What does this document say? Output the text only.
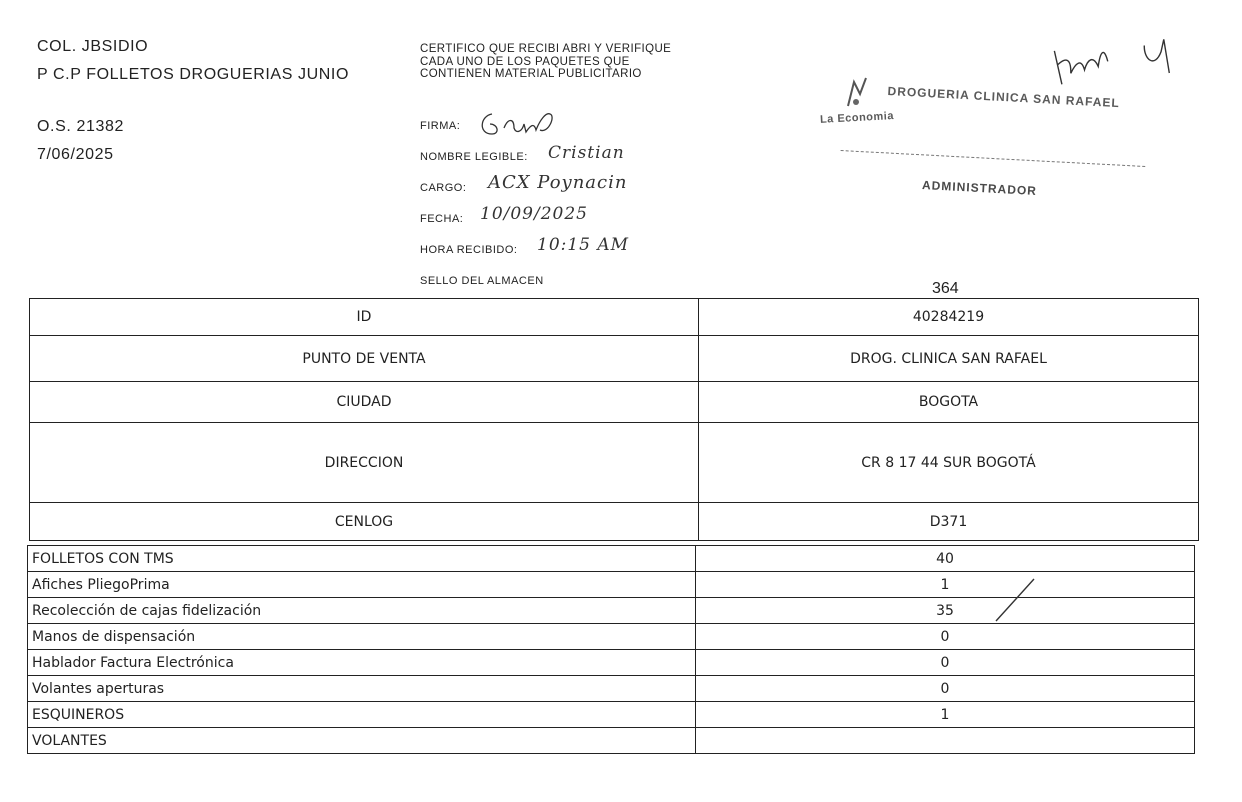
COL. JBSIDIO
P C.P FOLLETOS DROGUERIAS JUNIO
O.S. 21382
7/06/2025
CERTIFICO QUE RECIBI ABRI Y VERIFIQUE CADA UNO DE LOS PAQUETES QUE CONTIENEN MATERIAL PUBLICITARIO
FIRMA:
NOMBRE LEGIBLE: Cristian
CARGO: ACX Poynacin
FECHA: 10/09/2025
HORA RECIBIDO: 10:15 AM
SELLO DEL ALMACEN
DROGUERIA CLINICA SAN RAFAEL
La Economia
ADMINISTRADOR
364
ID	40284219
PUNTO DE VENTA	DROG. CLINICA SAN RAFAEL
CIUDAD	BOGOTA
DIRECCION	CR 8 17 44 SUR BOGOTÁ
CENLOG	D371
FOLLETOS CON TMS	40
Afiches PliegoPrima	1
Recolección de cajas fidelización	35
Manos de dispensación	0
Hablador Factura Electrónica	0
Volantes aperturas	0
ESQUINEROS	1
VOLANTES	
